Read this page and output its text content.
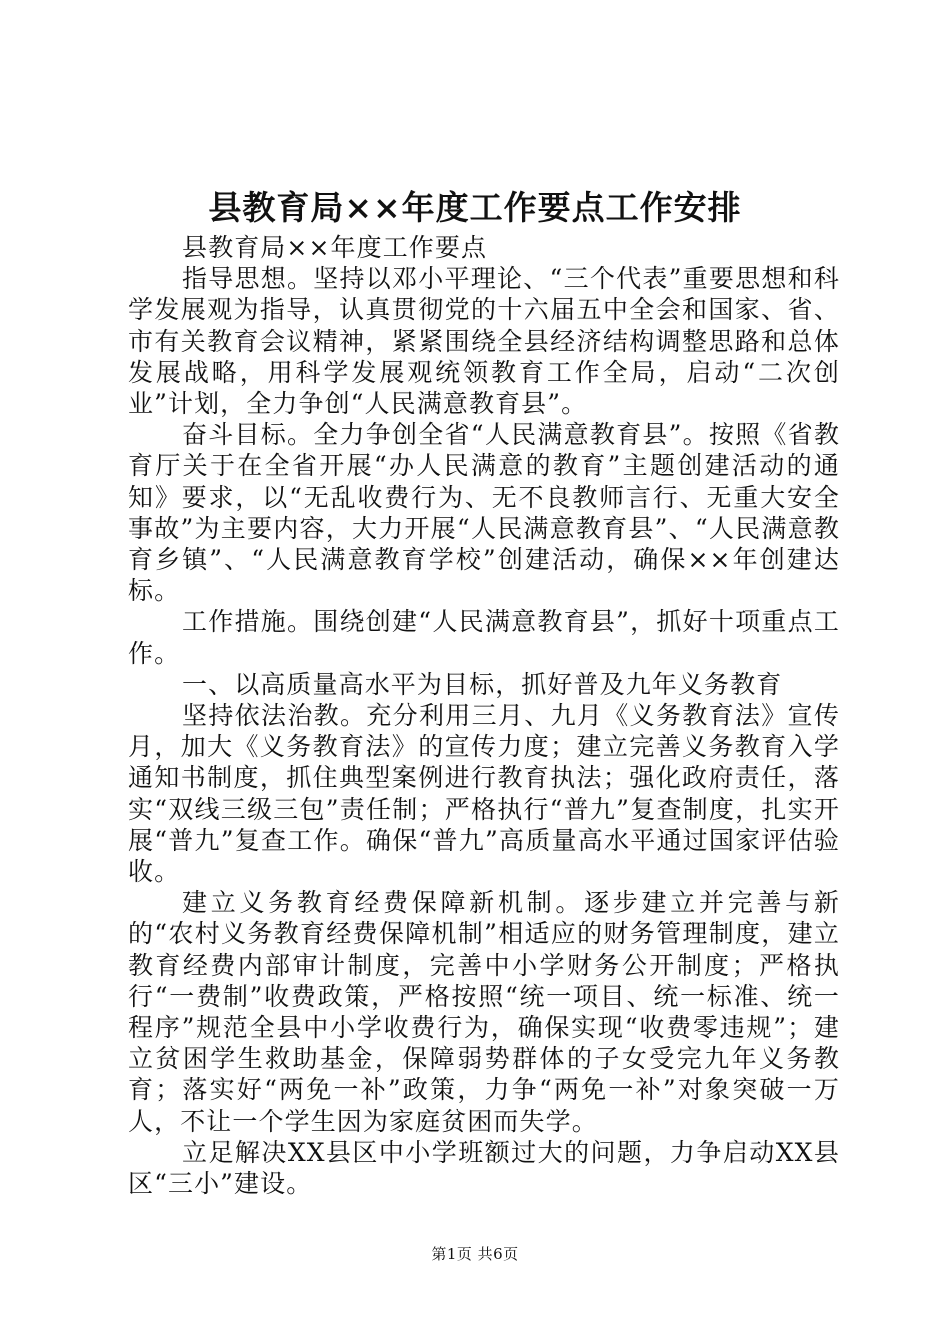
县教育局××年度工作要点工作安排

县教育局××年度工作要点

指导思想。坚持以邓小平理论、“三个代表”重要思想和科学发展观为指导，认真贯彻党的十六届五中全会和国家、省、市有关教育会议精神，紧紧围绕全县经济结构调整思路和总体发展战略，用科学发展观统领教育工作全局，启动“二次创业”计划，全力争创“人民满意教育县”。

奋斗目标。全力争创全省“人民满意教育县”。按照《省教育厅关于在全省开展“办人民满意的教育”主题创建活动的通知》要求，以“无乱收费行为、无不良教师言行、无重大安全事故”为主要内容，大力开展“人民满意教育县”、“人民满意教育乡镇”、“人民满意教育学校”创建活动，确保××年创建达标。

工作措施。围绕创建“人民满意教育县”，抓好十项重点工作。

一、以高质量高水平为目标，抓好普及九年义务教育

坚持依法治教。充分利用三月、九月《义务教育法》宣传月，加大《义务教育法》的宣传力度；建立完善义务教育入学通知书制度，抓住典型案例进行教育执法；强化政府责任，落实“双线三级三包”责任制；严格执行“普九”复查制度，扎实开展“普九”复查工作。确保“普九”高质量高水平通过国家评估验收。

建立义务教育经费保障新机制。逐步建立并完善与新的“农村义务教育经费保障机制”相适应的财务管理制度，建立教育经费内部审计制度，完善中小学财务公开制度；严格执行“一费制”收费政策，严格按照“统一项目、统一标准、统一程序”规范全县中小学收费行为，确保实现“收费零违规”；建立贫困学生救助基金，保障弱势群体的子女受完九年义务教育；落实好“两免一补”政策，力争“两免一补”对象突破一万人，不让一个学生因为家庭贫困而失学。

立足解决XX县区中小学班额过大的问题，力争启动XX县区“三小”建设。

第1页 共6页
